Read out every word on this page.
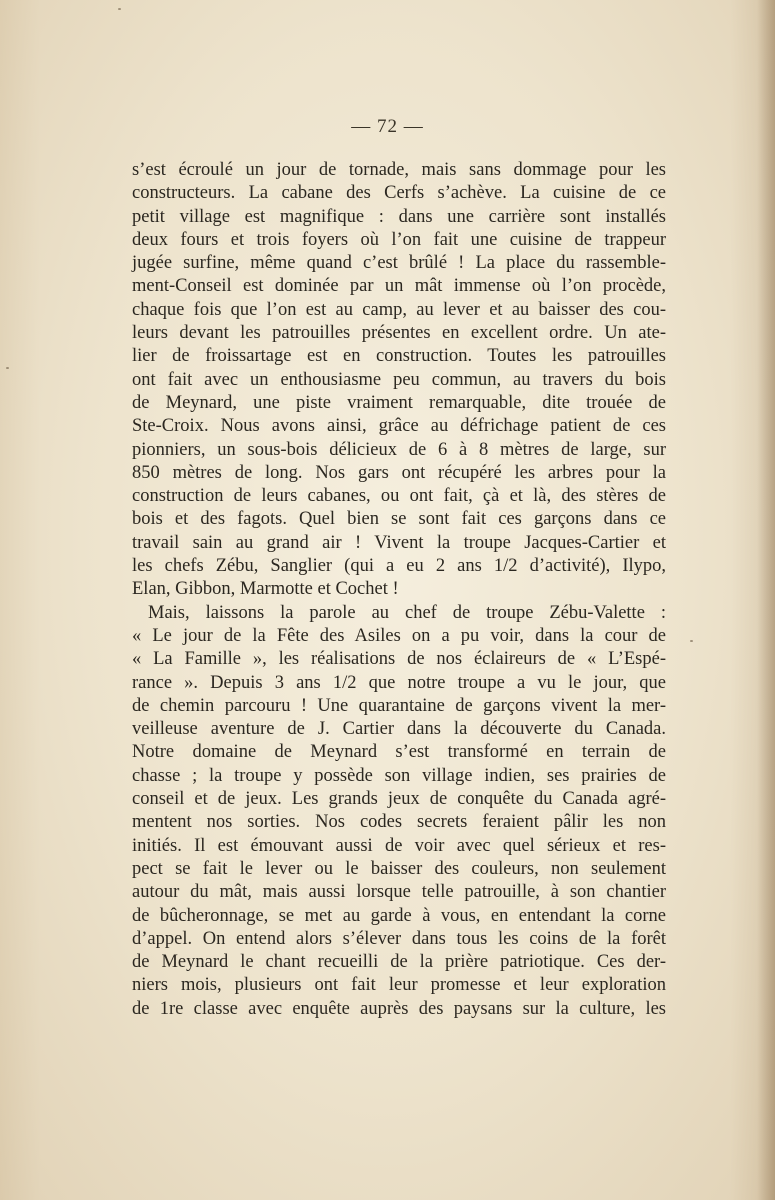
— 72 —
s’est écroulé un jour de tornade, mais sans dommage pour les
constructeurs. La cabane des Cerfs s’achève. La cuisine de ce
petit village est magnifique : dans une carrière sont installés
deux fours et trois foyers où l’on fait une cuisine de trappeur
jugée surfine, même quand c’est brûlé ! La place du rassemble-
ment-Conseil est dominée par un mât immense où l’on procède,
chaque fois que l’on est au camp, au lever et au baisser des cou-
leurs devant les patrouilles présentes en excellent ordre. Un ate-
lier de froissartage est en construction. Toutes les patrouilles
ont fait avec un enthousiasme peu commun, au travers du bois
de Meynard, une piste vraiment remarquable, dite trouée de
Ste-Croix. Nous avons ainsi, grâce au défrichage patient de ces
pionniers, un sous-bois délicieux de 6 à 8 mètres de large, sur
850 mètres de long. Nos gars ont récupéré les arbres pour la
construction de leurs cabanes, ou ont fait, çà et là, des stères de
bois et des fagots. Quel bien se sont fait ces garçons dans ce
travail sain au grand air ! Vivent la troupe Jacques-Cartier et
les chefs Zébu, Sanglier (qui a eu 2 ans 1/2 d’activité), Ilypo,
Elan, Gibbon, Marmotte et Cochet !
Mais, laissons la parole au chef de troupe Zébu-Valette :
« Le jour de la Fête des Asiles on a pu voir, dans la cour de
« La Famille », les réalisations de nos éclaireurs de « L’Espé-
rance ». Depuis 3 ans 1/2 que notre troupe a vu le jour, que
de chemin parcouru ! Une quarantaine de garçons vivent la mer-
veilleuse aventure de J. Cartier dans la découverte du Canada.
Notre domaine de Meynard s’est transformé en terrain de
chasse ; la troupe y possède son village indien, ses prairies de
conseil et de jeux. Les grands jeux de conquête du Canada agré-
mentent nos sorties. Nos codes secrets feraient pâlir les non
initiés. Il est émouvant aussi de voir avec quel sérieux et res-
pect se fait le lever ou le baisser des couleurs, non seulement
autour du mât, mais aussi lorsque telle patrouille, à son chantier
de bûcheronnage, se met au garde à vous, en entendant la corne
d’appel. On entend alors s’élever dans tous les coins de la forêt
de Meynard le chant recueilli de la prière patriotique. Ces der-
niers mois, plusieurs ont fait leur promesse et leur exploration
de 1re classe avec enquête auprès des paysans sur la culture, les
